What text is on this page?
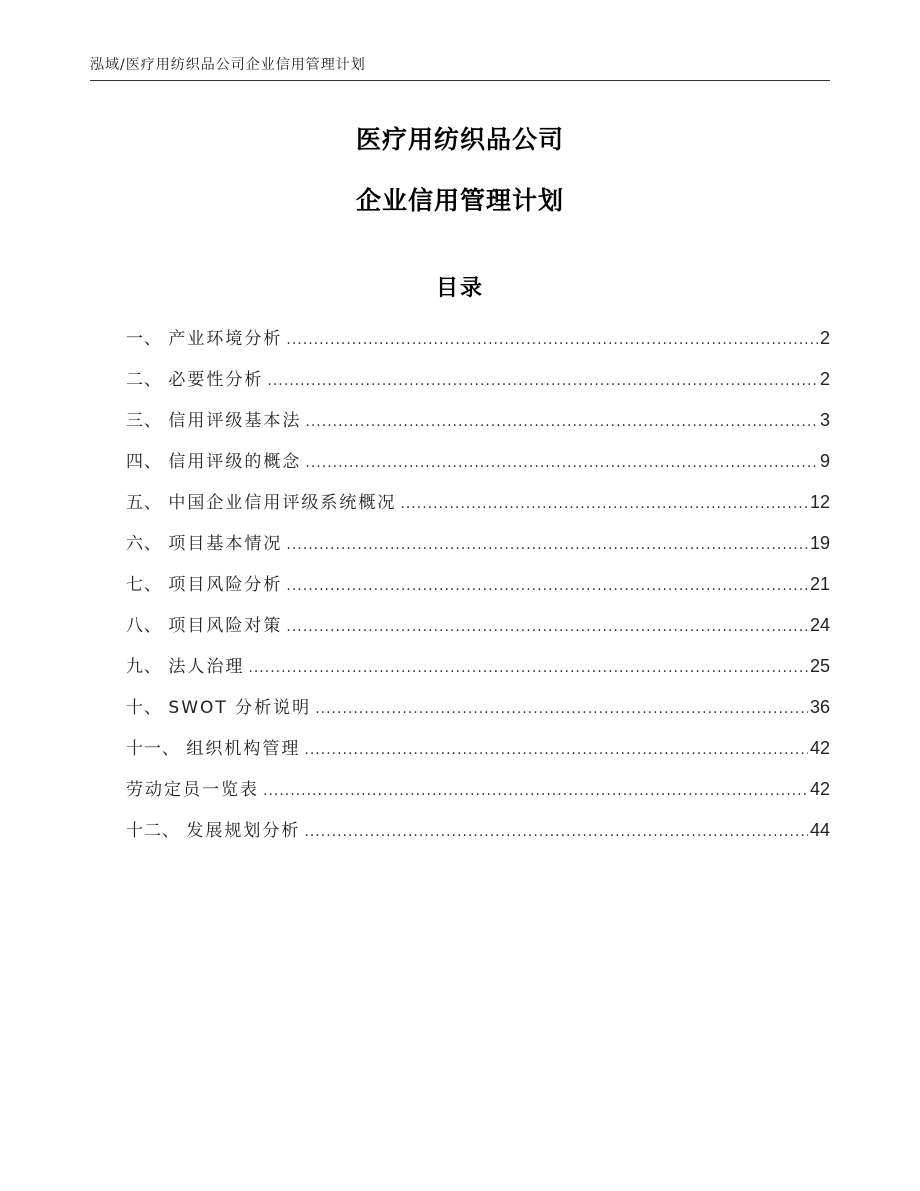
泓域/医疗用纺织品公司企业信用管理计划
医疗用纺织品公司
企业信用管理计划
目录
一、 产业环境分析 .....	2
二、 必要性分析 .....	2
三、 信用评级基本法 .....	3
四、 信用评级的概念 .....	9
五、 中国企业信用评级系统概况 .....	12
六、 项目基本情况 .....	19
七、 项目风险分析 .....	21
八、 项目风险对策 .....	24
九、 法人治理 .....	25
十、 SWOT 分析说明 .....	36
十一、 组织机构管理 .....	42
劳动定员一览表 .....	42
十二、 发展规划分析 .....	44
